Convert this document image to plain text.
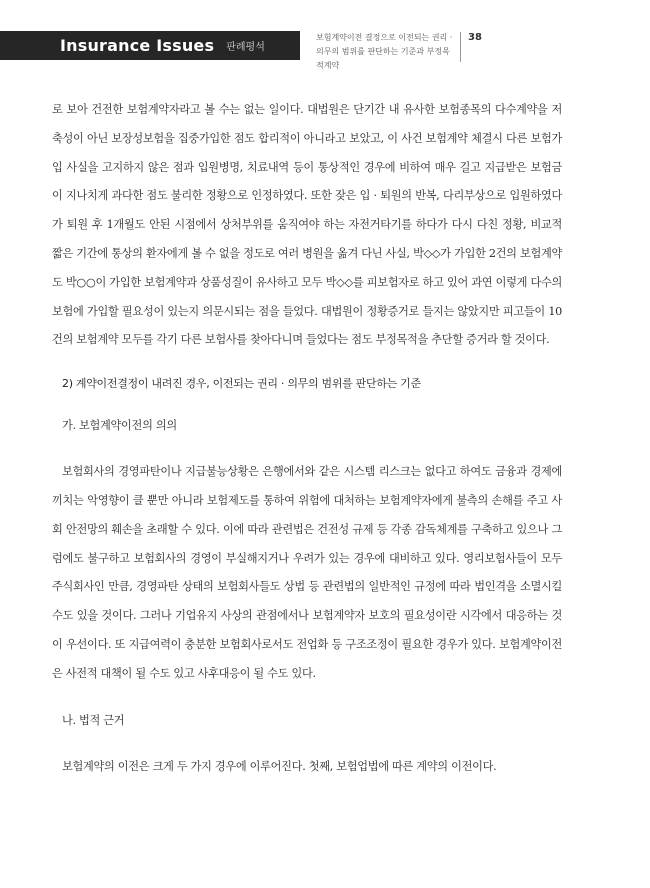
Insurance Issues 판례평석
보험계약이전 결정으로 이전되는 권리 · 의무의 범위를 판단하는 기준과 부정목적계약
38

로 보아 건전한 보험계약자라고 볼 수는 없는 일이다. 대법원은 단기간 내 유사한 보험종목의 다수계약을 저축성이 아닌 보장성보험을 집중가입한 점도 합리적이 아니라고 보았고, 이 사건 보험계약 체결시 다른 보험가입 사실을 고지하지 않은 점과 입원병명, 치료내역 등이 통상적인 경우에 비하여 매우 길고 지급받은 보험금이 지나치게 과다한 점도 불리한 정황으로 인정하였다. 또한 잦은 입 · 퇴원의 반복, 다리부상으로 입원하였다가 퇴원 후 1개월도 안된 시점에서 상처부위를 움직여야 하는 자전거타기를 하다가 다시 다친 정황, 비교적 짧은 기간에 통상의 환자에게 볼 수 없을 정도로 여러 병원을 옮겨 다닌 사실, 박◇◇가 가입한 2건의 보험계약도 박○○이 가입한 보험계약과 상품성질이 유사하고 모두 박◇◇를 피보험자로 하고 있어 과연 이렇게 다수의 보험에 가입할 필요성이 있는지 의문시되는 점을 들었다. 대법원이 정황증거로 들지는 않았지만 피고들이 10건의 보험계약 모두를 각기 다른 보험사를 찾아다니며 들었다는 점도 부정목적을 추단할 증거라 할 것이다.

2) 계약이전결정이 내려진 경우, 이전되는 권리 · 의무의 범위를 판단하는 기준
가. 보험계약이전의 의의

보험회사의 경영파탄이나 지급불능상황은 은행에서와 같은 시스템 리스크는 없다고 하여도 금융과 경제에 끼치는 악영향이 클 뿐만 아니라 보험제도를 통하여 위험에 대처하는 보험계약자에게 불측의 손해를 주고 사회 안전망의 훼손을 초래할 수 있다. 이에 따라 관련법은 건전성 규제 등 각종 감독체계를 구축하고 있으나 그럼에도 불구하고 보험회사의 경영이 부실해지거나 우려가 있는 경우에 대비하고 있다. 영리보험사들이 모두 주식회사인 만큼, 경영파탄 상태의 보험회사들도 상법 등 관련법의 일반적인 규정에 따라 법인격을 소멸시킬 수도 있을 것이다. 그러나 기업유지 사상의 관점에서나 보험계약자 보호의 필요성이란 시각에서 대응하는 것이 우선이다. 또 지급여력이 충분한 보험회사로서도 전업화 등 구조조정이 필요한 경우가 있다. 보험계약이전은 사전적 대책이 될 수도 있고 사후대응이 될 수도 있다.

나. 법적 근거

보험계약의 이전은 크게 두 가지 경우에 이루어진다. 첫째, 보험업법에 따른 계약의 이전이다.
